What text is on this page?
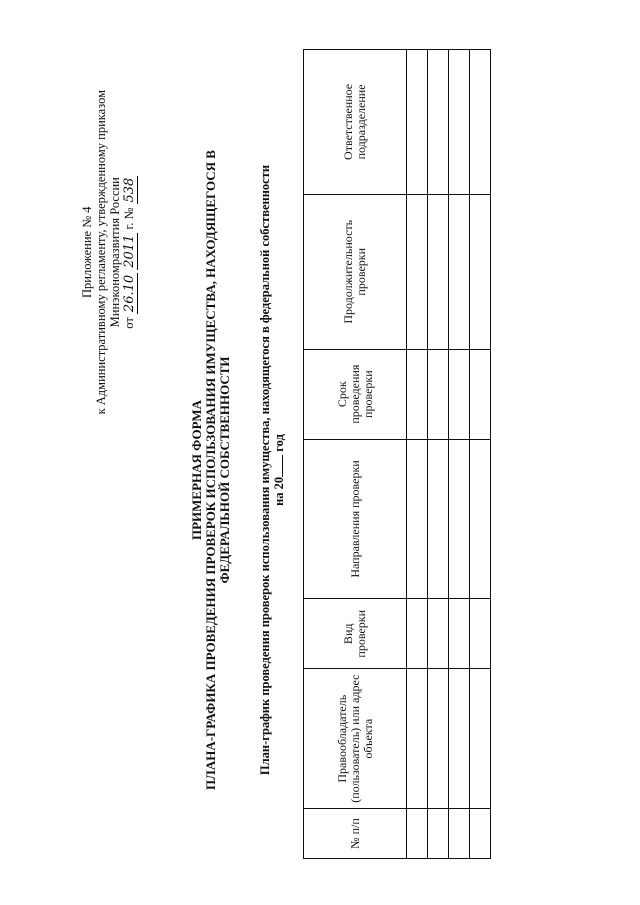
Приложение № 4 к Административному регламенту, утвержденному приказом Минэкономразвития России от 26.10 2011 г. № 538
ПРИМЕРНАЯ ФОРМА ПЛАНА-ГРАФИКА ПРОВЕДЕНИЯ ПРОВЕРОК ИСПОЛЬЗОВАНИЯ ИМУЩЕСТВА, НАХОДЯЩЕГОСЯ В ФЕДЕРАЛЬНОЙ СОБСТВЕННОСТИ План-график проведения проверок использования имущества, находящегося в федеральной собственности на 20 год
№ п/п	Правообладатель (пользователь) или адрес объекта	Вид проверки	Направления проверки	Срок проведения проверки	Продолжительность проверки	Ответственное подразделение
